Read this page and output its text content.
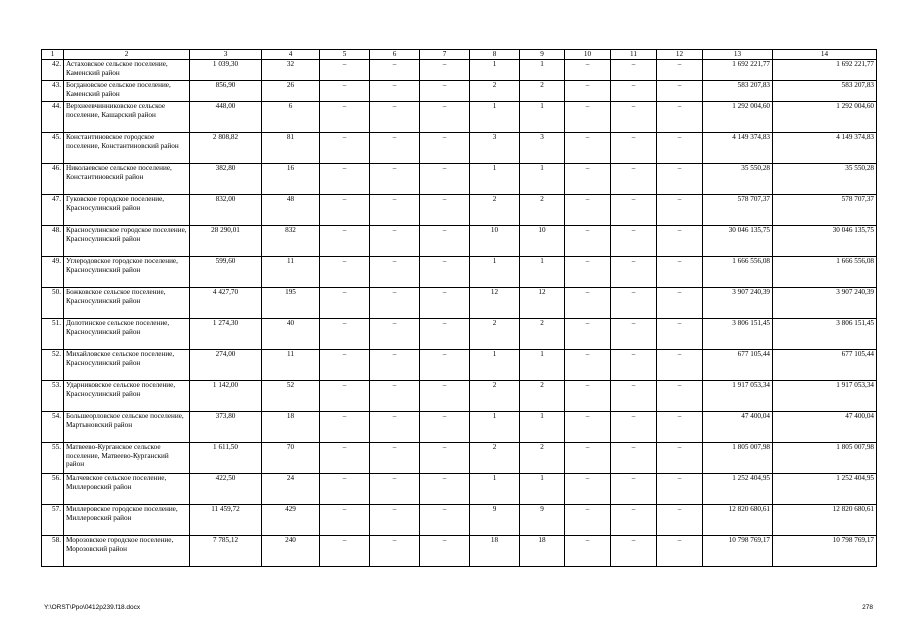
1	2	3	4	5	6	7	8	9	10	11	12	13	14
42.	Астаховское сельское поселение, Каменский район	1 039,30	32	–	–	–	1	1	–	–	–	1 692 221,77	1 692 221,77
43.	Богдановское сельское поселение, Каменский район	856,90	26	–	–	–	2	2	–	–	–	583 207,83	583 207,83
44.	Верхнеевчинниковское сельское поселение, Кашарский район	448,00	6	–	–	–	1	1	–	–	–	1 292 004,60	1 292 004,60
45.	Константиновское городское поселение, Константиновский район	2 808,82	81	–	–	–	3	3	–	–	–	4 149 374,83	4 149 374,83
46.	Николаевское сельское поселение, Константиновский район	382,80	16	–	–	–	1	1	–	–	–	35 550,28	35 550,28
47.	Гуковское городское поселение, Красносулинский район	832,00	48	–	–	–	2	2	–	–	–	578 707,37	578 707,37
48.	Красносулинское городское поселение, Красносулинский район	28 290,01	832	–	–	–	10	10	–	–	–	30 046 135,75	30 046 135,75
49.	Углеродовское городское поселение, Красносулинский район	599,60	11	–	–	–	1	1	–	–	–	1 666 556,08	1 666 556,08
50.	Божковское сельское поселение, Красносулинский район	4 427,70	195	–	–	–	12	12	–	–	–	3 907 240,39	3 907 240,39
51.	Долотинское сельское поселение, Красносулинский район	1 274,30	40	–	–	–	2	2	–	–	–	3 806 151,45	3 806 151,45
52.	Михайловское сельское поселение, Красносулинский район	274,00	11	–	–	–	1	1	–	–	–	677 105,44	677 105,44
53.	Ударниковское сельское поселение, Красносулинский район	1 142,00	52	–	–	–	2	2	–	–	–	1 917 053,34	1 917 053,34
54.	Большеорловское сельское поселение, Мартыновский район	373,80	18	–	–	–	1	1	–	–	–	47 400,04	47 400,04
55.	Матвеево-Курганское сельское поселение, Матвеево-Курганский район	1 611,50	70	–	–	–	2	2	–	–	–	1 805 007,98	1 805 007,98
56.	Малчевское сельское поселение, Миллеровский район	422,50	24	–	–	–	1	1	–	–	–	1 252 404,95	1 252 404,95
57.	Миллеровское городское поселение, Миллеровский район	11 459,72	429	–	–	–	9	9	–	–	–	12 820 680,61	12 820 680,61
58.	Морозовское городское поселение, Морозовский район	7 785,12	240	–	–	–	18	18	–	–	–	10 798 769,17	10 798 769,17
Y:\ORST\Ppo\0412p239.f18.docx	278
